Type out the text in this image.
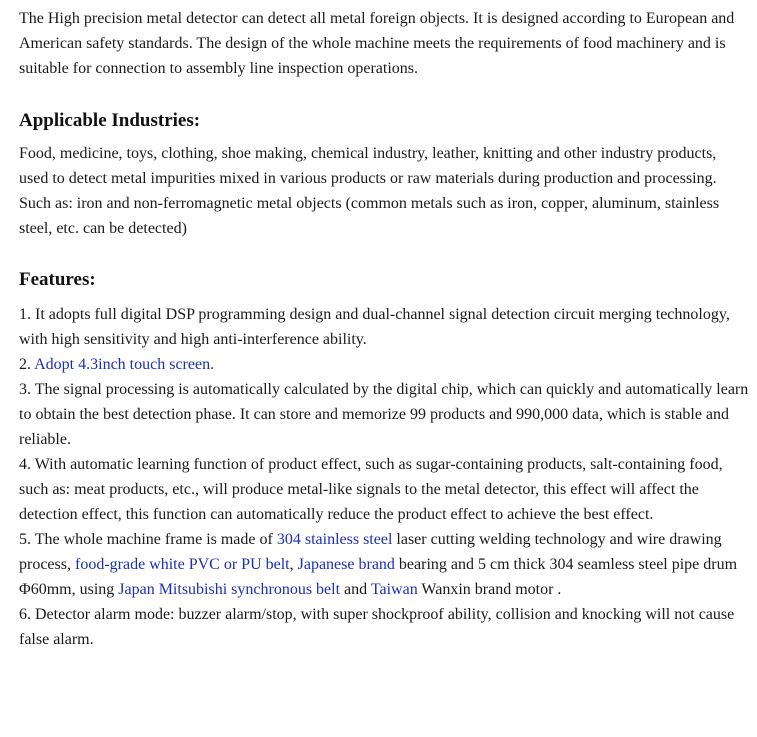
The High precision metal detector can detect all metal foreign objects. It is designed according to European and American safety standards. The design of the whole machine meets the requirements of food machinery and is suitable for connection to assembly line inspection operations.

Applicable Industries:

Food, medicine, toys, clothing, shoe making, chemical industry, leather, knitting and other industry products, used to detect metal impurities mixed in various products or raw materials during production and processing. Such as: iron and non-ferromagnetic metal objects (common metals such as iron, copper, aluminum, stainless steel, etc. can be detected)

Features:

1. It adopts full digital DSP programming design and dual-channel signal detection circuit merging technology, with high sensitivity and high anti-interference ability.

2. Adopt 4.3inch touch screen.

3. The signal processing is automatically calculated by the digital chip, which can quickly and automatically learn to obtain the best detection phase. It can store and memorize 99 products and 990,000 data, which is stable and reliable.

4. With automatic learning function of product effect, such as sugar-containing products, salt-containing food, such as: meat products, etc., will produce metal-like signals to the metal detector, this effect will affect the detection effect, this function can automatically reduce the product effect to achieve the best effect.

5. The whole machine frame is made of 304 stainless steel laser cutting welding technology and wire drawing process, food-grade white PVC or PU belt, Japanese brand bearing and 5 cm thick 304 seamless steel pipe drum Φ60mm, using Japan Mitsubishi synchronous belt and Taiwan Wanxin brand motor .

6. Detector alarm mode: buzzer alarm/stop, with super shockproof ability, collision and knocking will not cause false alarm.
